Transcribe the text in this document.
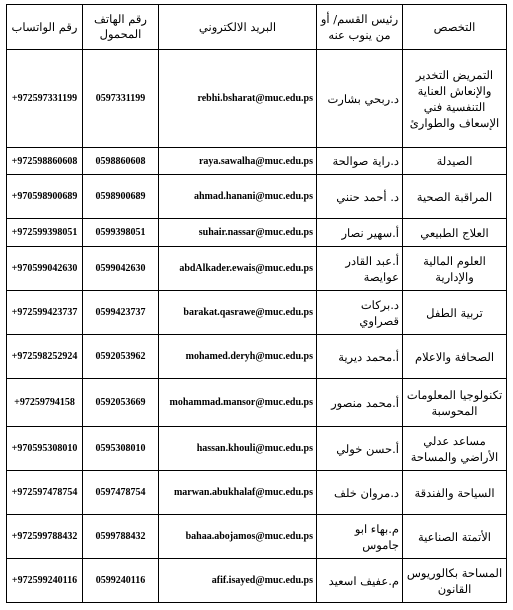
رقم الواتساب	رقم الهاتف المحمول	البريد الالكتروني	رئيس القسم/ أو من ينوب عنه	التخصص
+972597331199	0597331199	rebhi.bsharat@muc.edu.ps	د.ربحي بشارت	التمريض التخدير والإنعاش العناية التنفسية فني الإسعاف والطوارئ
+972598860608	0598860608	raya.sawalha@muc.edu.ps	د.راية صوالحة	الصيدلة
+970598900689	0598900689	ahmad.hanani@muc.edu.ps	د. أحمد حنني	المراقبة الصحية
+972599398051	0599398051	suhair.nassar@muc.edu.ps	أ.سهير نصار	العلاج الطبيعي
+970599042630	0599042630	abdAlkader.ewais@muc.edu.ps	أ.عبد القادر عوايصة	العلوم المالية والإدارية
+972599423737	0599423737	barakat.qasrawe@muc.edu.ps	د.بركات قصراوي	تربية الطفل
+972598252924	0592053962	mohamed.deryh@muc.edu.ps	أ.محمد ديرية	الصحافة والاعلام
+97259794158	0592053669	mohammad.mansor@muc.edu.ps	أ.محمد منصور	تكنولوجيا المعلومات المحوسبة
+970595308010	0595308010	hassan.khouli@muc.edu.ps	أ.حسن خولي	مساعد عدلي الأراضي والمساحة
+972597478754	0597478754	marwan.abukhalaf@muc.edu.ps	د.مروان خلف	السياحة والفندقة
+972599788432	0599788432	bahaa.abojamos@muc.edu.ps	م.بهاء ابو جاموس	الأتمتة الصناعية
+972599240116	0599240116	afif.isayed@muc.edu.ps	م.عفيف اسعيد	المساحة بكالوريوس القانون
